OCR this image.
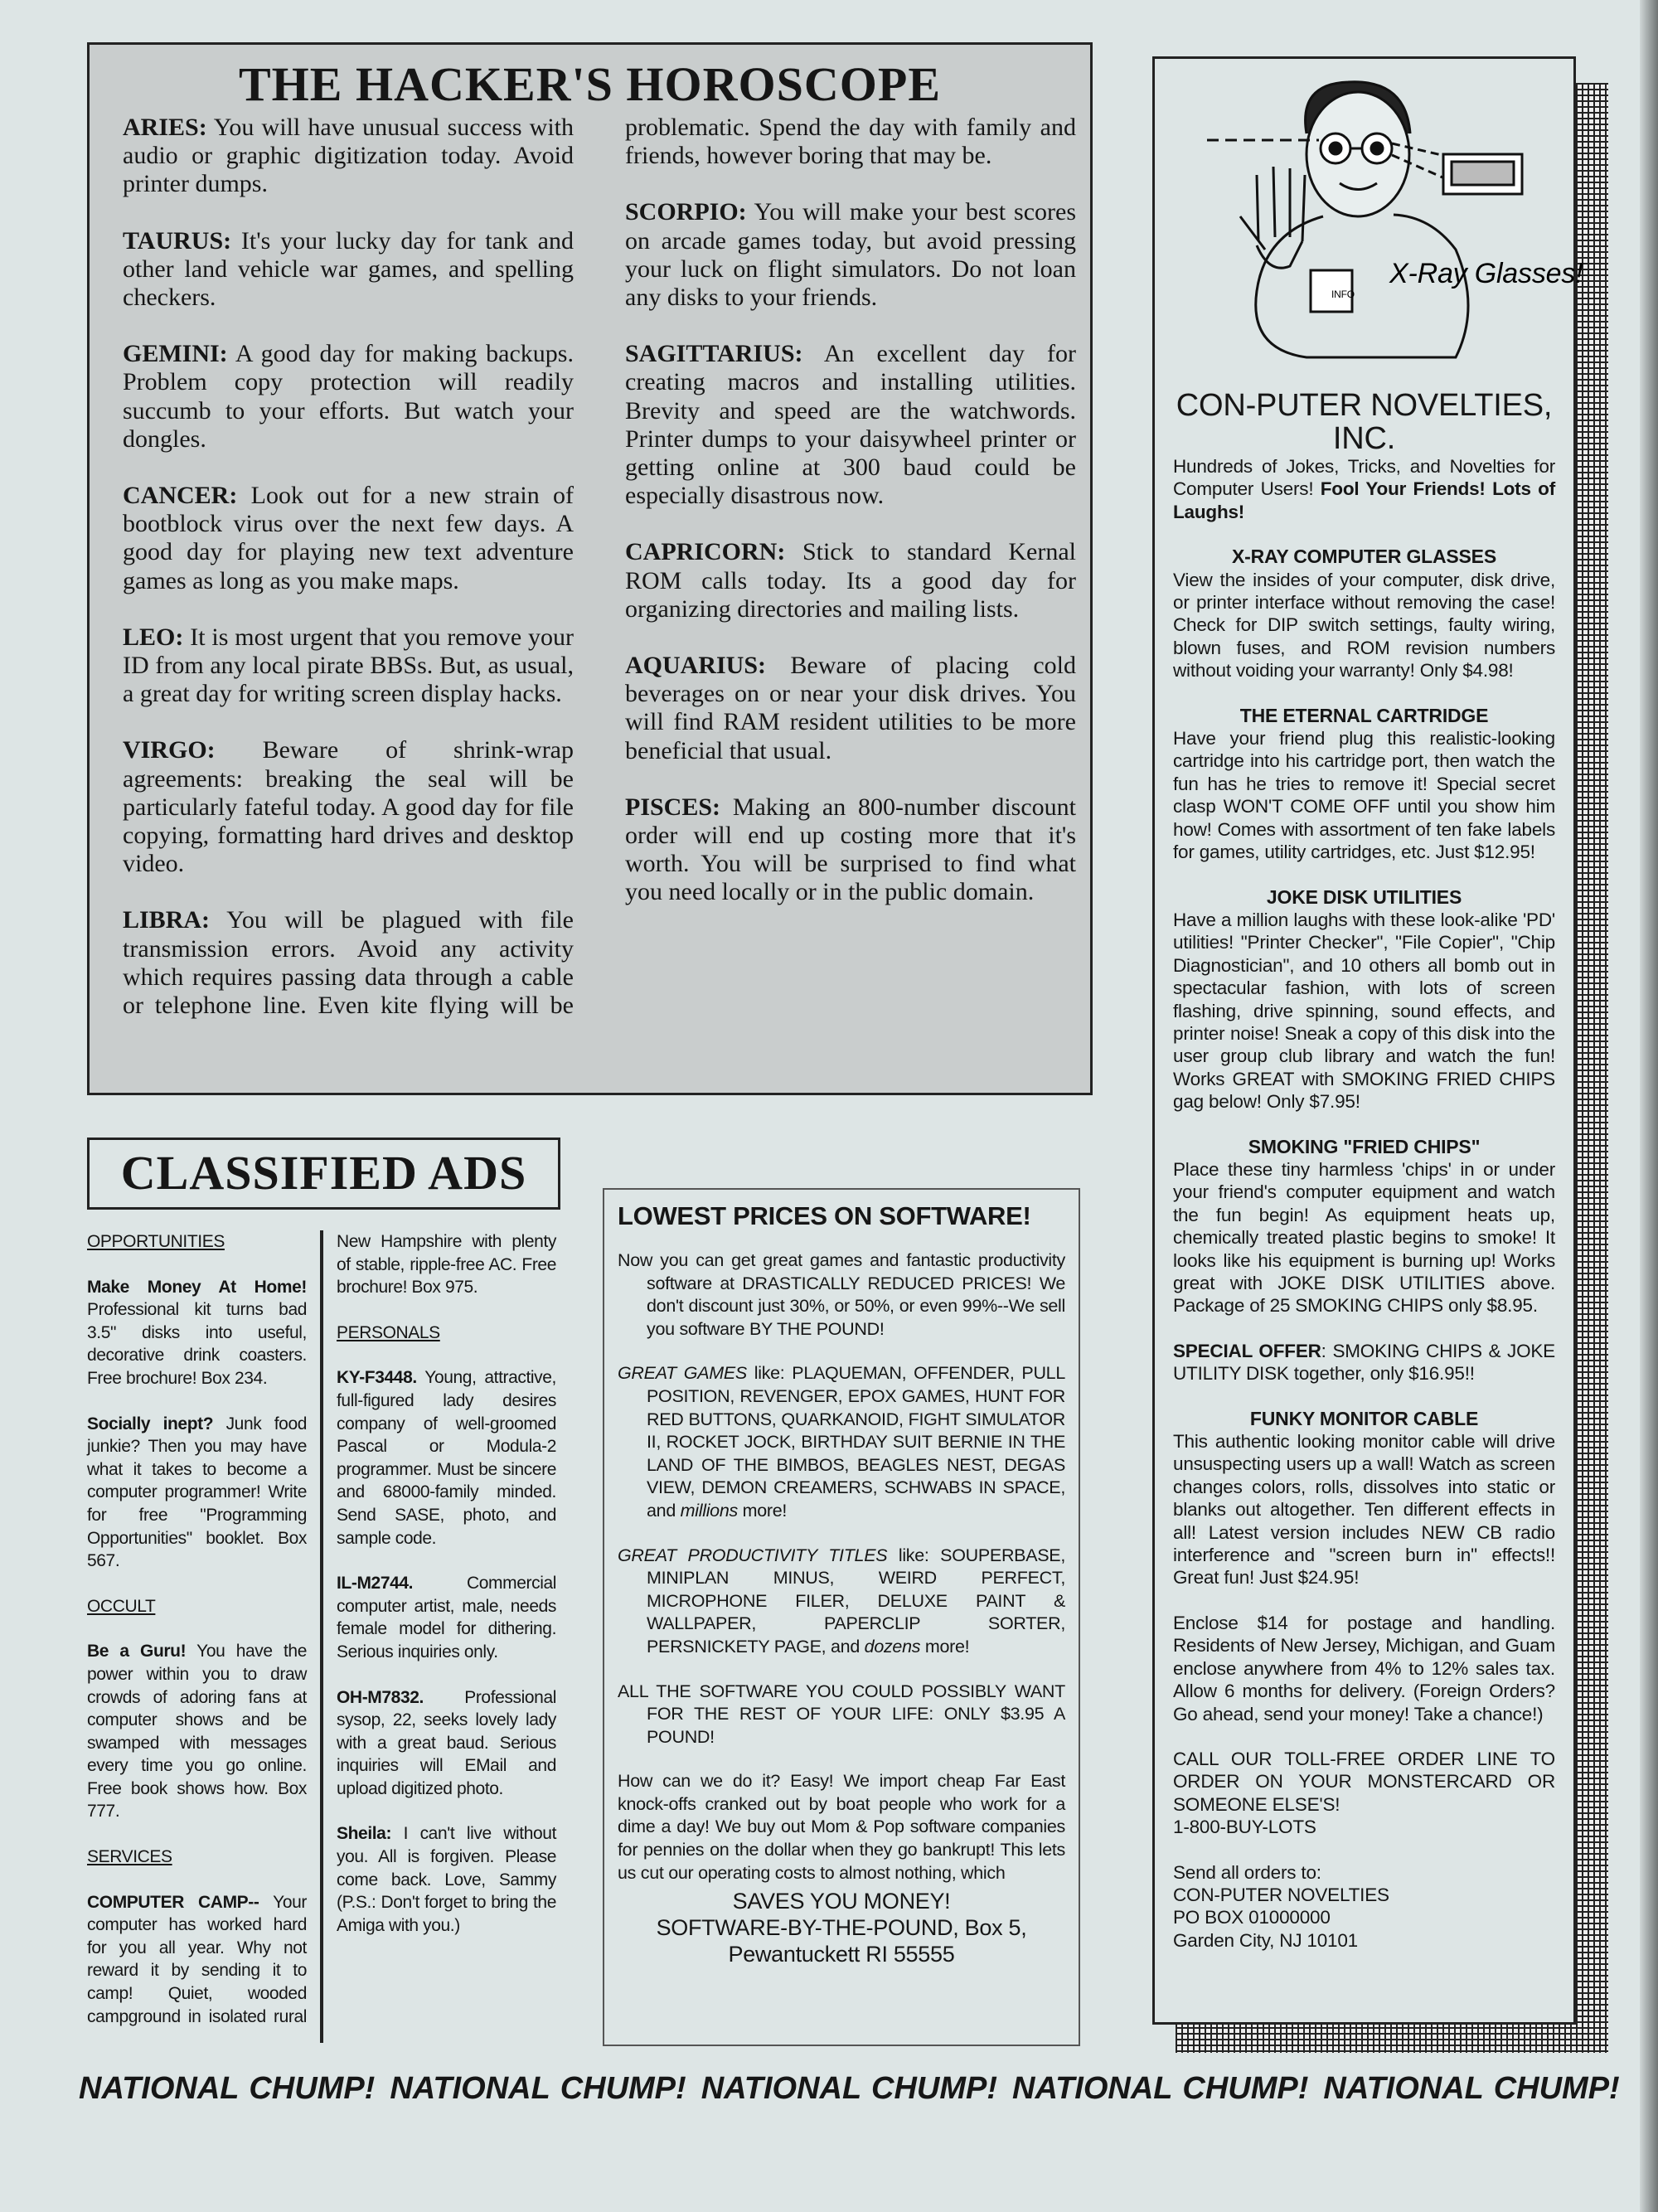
THE HACKER'S HOROSCOPE

ARIES: You will have unusual success with audio or graphic digitization today. Avoid printer dumps.

TAURUS: It's your lucky day for tank and other land vehicle war games, and spelling checkers.

GEMINI: A good day for making backups. Problem copy protection will readily succumb to your efforts. But watch your dongles.

CANCER: Look out for a new strain of bootblock virus over the next few days. A good day for playing new text adventure games as long as you make maps.

LEO: It is most urgent that you remove your ID from any local pirate BBSs. But, as usual, a great day for writing screen display hacks.

VIRGO: Beware of shrink-wrap agreements: breaking the seal will be particularly fateful today. A good day for file copying, formatting hard drives and desktop video.

LIBRA: You will be plagued with file transmission errors. Avoid any activity which requires passing data through a cable or telephone line. Even kite flying will be problematic. Spend the day with family and friends, however boring that may be.

SCORPIO: You will make your best scores on arcade games today, but avoid pressing your luck on flight simulators. Do not loan any disks to your friends.

SAGITTARIUS: An excellent day for creating macros and installing utilities. Brevity and speed are the watchwords. Printer dumps to your daisywheel printer or getting online at 300 baud could be especially disastrous now.

CAPRICORN: Stick to standard Kernal ROM calls today. Its a good day for organizing directories and mailing lists.

AQUARIUS: Beware of placing cold beverages on or near your disk drives. You will find RAM resident utilities to be more beneficial that usual.

PISCES: Making an 800-number discount order will end up costing more that it's worth. You will be surprised to find what you need locally or in the public domain.

CLASSIFIED ADS
OPPORTUNITIES

Make Money At Home! Professional kit turns bad 3.5" disks into useful, decorative drink coasters. Free brochure! Box 234.

Socially inept? Junk food junkie? Then you may have what it takes to become a computer programmer! Write for free "Programming Opportunities" booklet. Box 567.

OCCULT

Be a Guru! You have the power within you to draw crowds of adoring fans at computer shows and be swamped with messages every time you go online. Free book shows how. Box 777.

SERVICES

COMPUTER CAMP-- Your computer has worked hard for you all year. Why not reward it by sending it to camp! Quiet, wooded campground in isolated rural New Hampshire with plenty of stable, ripple-free AC. Free brochure! Box 975.

PERSONALS

KY-F3448. Young, attractive, full-figured lady desires company of well-groomed Pascal or Modula-2 programmer. Must be sincere and 68000-family minded. Send SASE, photo, and sample code.

IL-M2744.	Commercial computer artist, male, needs female model for dithering. Serious inquiries only.

OH-M7832. Professional sysop, 22, seeks lovely lady with a great baud. Serious inquiries will EMail and upload digitized photo.

Sheila: I can't live without you. All is forgiven. Please come back. Love, Sammy (P.S.: Don't forget to bring the Amiga with you.)

LOWEST PRICES ON SOFTWARE!

Now you can get great games and fantastic productivity software at DRASTICALLY REDUCED PRICES! We don't discount just 30%, or 50%, or even 99%--We sell you software BY THE POUND!

GREAT GAMES like: PLAQUEMAN, OFFENDER, PULL POSITION, REVENGER, EPOX GAMES, HUNT FOR RED BUTTONS, QUARKANOID, FIGHT SIMULATOR II, ROCKET JOCK, BIRTHDAY SUIT BERNIE IN THE LAND OF THE BIMBOS, BEAGLES NEST, DEGAS VIEW, DEMON CREAMERS, SCHWABS IN SPACE, and millions more!

GREAT PRODUCTIVITY TITLES like: SOUPERBASE, MINIPLAN MINUS, WEIRD PERFECT, MICROPHONE FILER, DELUXE PAINT & WALLPAPER, PAPERCLIP SORTER, PERSNICKETY PAGE, and dozens more!

ALL THE SOFTWARE YOU COULD POSSIBLY WANT FOR THE REST OF YOUR LIFE: ONLY $3.95 A POUND!

How can we do it? Easy! We import cheap Far East knock-offs cranked out by boat people who work for a dime a day! We buy out Mom & Pop software companies for pennies on the dollar when they go bankrupt! This lets us cut our operating costs to almost nothing, which

SAVES YOU MONEY!
SOFTWARE-BY-THE-POUND, Box 5,
Pewantuckett RI 55555
INFO
X-Ray Glasses!
CON-PUTER NOVELTIES, INC.

Hundreds of Jokes, Tricks, and Novelties for Computer Users! Fool Your Friends! Lots of Laughs!

X-RAY COMPUTER GLASSES

View the insides of your computer, disk drive, or printer interface without removing the case! Check for DIP switch settings, faulty wiring, blown fuses, and ROM revision numbers without voiding your warranty! Only $4.98!

THE ETERNAL CARTRIDGE

Have your friend plug this realistic-looking cartridge into his cartridge port, then watch the fun has he tries to remove it! Special secret clasp WON'T COME OFF until you show him how! Comes with assortment of ten fake labels for games, utility cartridges, etc. Just $12.95!

JOKE DISK UTILITIES

Have a million laughs with these look-alike 'PD' utilities! "Printer Checker", "File Copier", "Chip Diagnostician", and 10 others all bomb out in spectacular fashion, with lots of screen flashing, drive spinning, sound effects, and printer noise! Sneak a copy of this disk into the user group club library and watch the fun! Works GREAT with SMOKING FRIED CHIPS gag below! Only $7.95!

SMOKING "FRIED CHIPS"

Place these tiny harmless 'chips' in or under your friend's computer equipment and watch the fun begin! As equipment heats up, chemically treated plastic begins to smoke! It looks like his equipment is burning up! Works great with JOKE DISK UTILITIES above. Package of 25 SMOKING CHIPS only $8.95.

SPECIAL OFFER: SMOKING CHIPS & JOKE UTILITY DISK together, only $16.95!!

FUNKY MONITOR CABLE

This authentic looking monitor cable will drive unsuspecting users up a wall! Watch as screen changes colors, rolls, dissolves into static or blanks out altogether. Ten different effects in all! Latest version includes NEW CB radio interference and "screen burn in" effects!! Great fun! Just $24.95!

Enclose $14 for postage and handling. Residents of New Jersey, Michigan, and Guam enclose anywhere from 4% to 12% sales tax. Allow 6 months for delivery. (Foreign Orders? Go ahead, send your money! Take a chance!)

CALL OUR TOLL-FREE ORDER LINE TO ORDER ON YOUR MONSTERCARD OR SOMEONE ELSE'S!

1-800-BUY-LOTS

Send all orders to:
CON-PUTER NOVELTIES
PO BOX 01000000
Garden City, NJ 10101
NATIONAL CHUMP! NATIONAL CHUMP! NATIONAL CHUMP! NATIONAL CHUMP! NATIONAL CHUMP!
